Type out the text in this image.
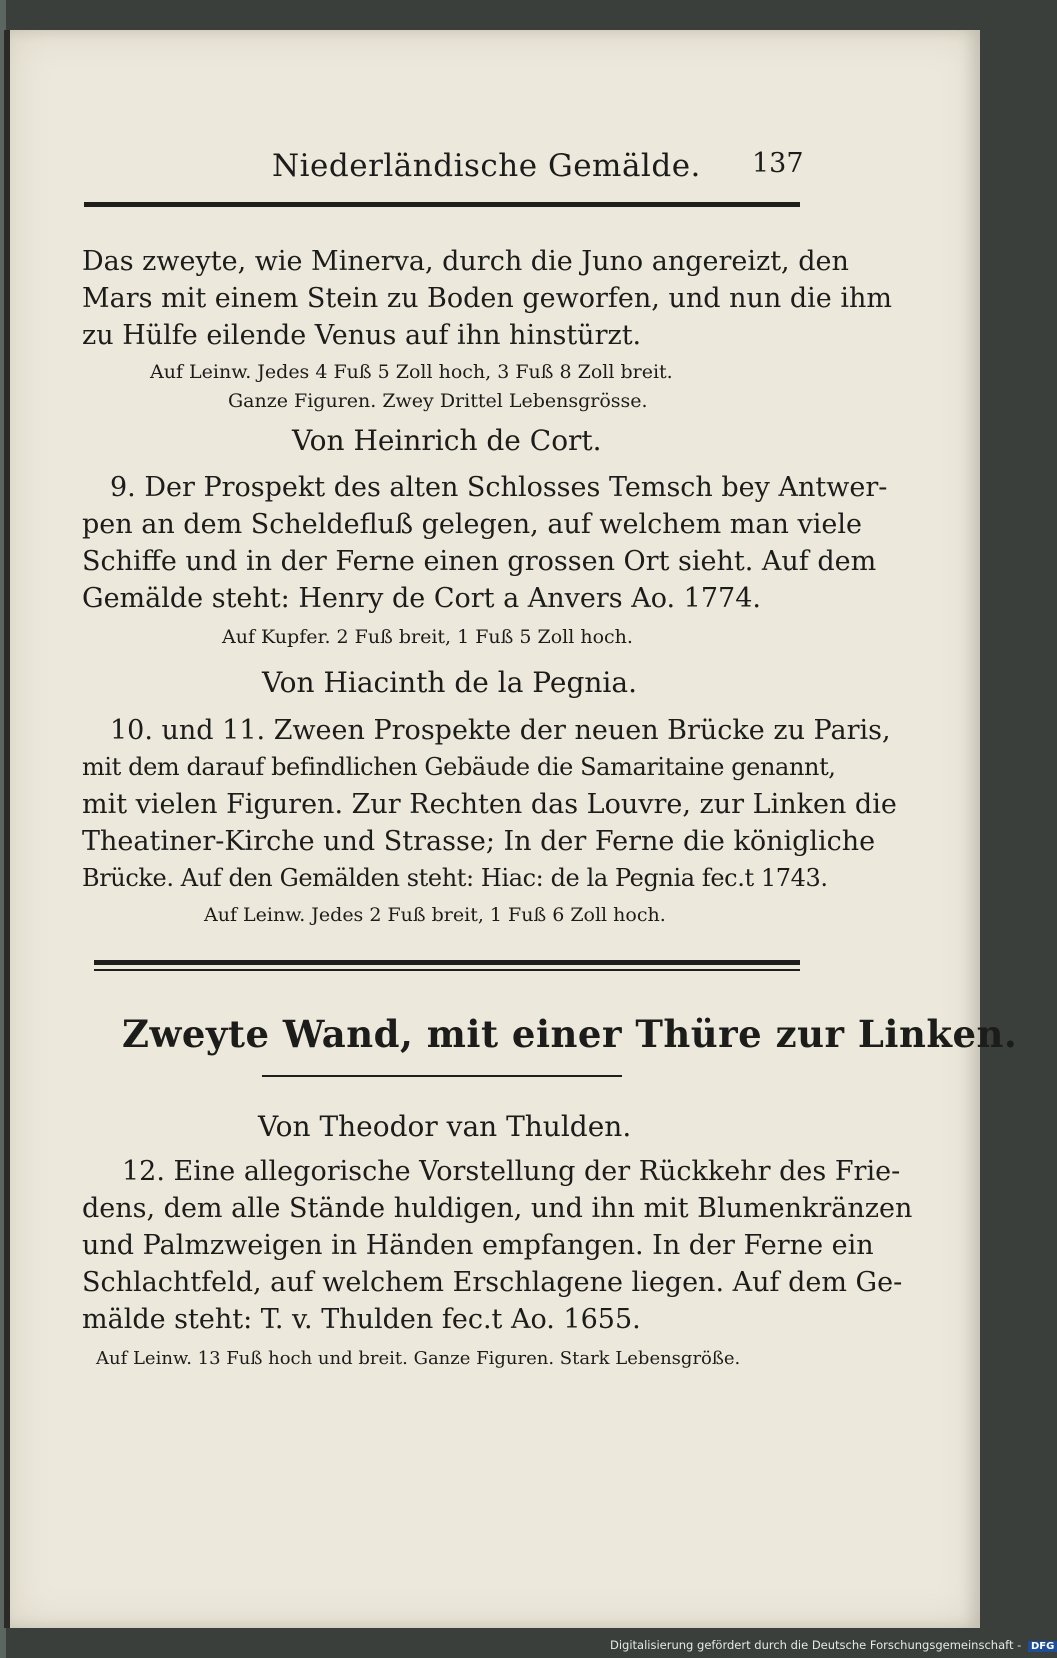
Niederländische Gemälde. 137
Das zweyte, wie Minerva, durch die Juno angereizt, den
Mars mit einem Stein zu Boden geworfen, und nun die ihm
zu Hülfe eilende Venus auf ihn hinstürzt.
Auf Leinw. Jedes 4 Fuß 5 Zoll hoch, 3 Fuß 8 Zoll breit.
Ganze Figuren. Zwey Drittel Lebensgrösse.
Von Heinrich de Cort.
9. Der Prospekt des alten Schlosses Temsch bey Antwer-
pen an dem Scheldefluß gelegen, auf welchem man viele
Schiffe und in der Ferne einen grossen Ort sieht. Auf dem
Gemälde steht: Henry de Cort a Anvers Ao. 1774.
Auf Kupfer. 2 Fuß breit, 1 Fuß 5 Zoll hoch.
Von Hiacinth de la Pegnia.
10. und 11. Zween Prospekte der neuen Brücke zu Paris,
mit dem darauf befindlichen Gebäude die Samaritaine genannt,
mit vielen Figuren. Zur Rechten das Louvre, zur Linken die
Theatiner-Kirche und Strasse; In der Ferne die königliche
Brücke. Auf den Gemälden steht: Hiac: de la Pegnia fec.t 1743.
Auf Leinw. Jedes 2 Fuß breit, 1 Fuß 6 Zoll hoch.
Zweyte Wand, mit einer Thüre zur Linken.
Von Theodor van Thulden.
12. Eine allegorische Vorstellung der Rückkehr des Frie-
dens, dem alle Stände huldigen, und ihn mit Blumenkränzen
und Palmzweigen in Händen empfangen. In der Ferne ein
Schlachtfeld, auf welchem Erschlagene liegen. Auf dem Ge-
mälde steht: T. v. Thulden fec.t Ao. 1655.
Auf Leinw. 13 Fuß hoch und breit. Ganze Figuren. Stark Lebensgröße.
Digitalisierung gefördert durch die Deutsche Forschungsgemeinschaft - DFG
